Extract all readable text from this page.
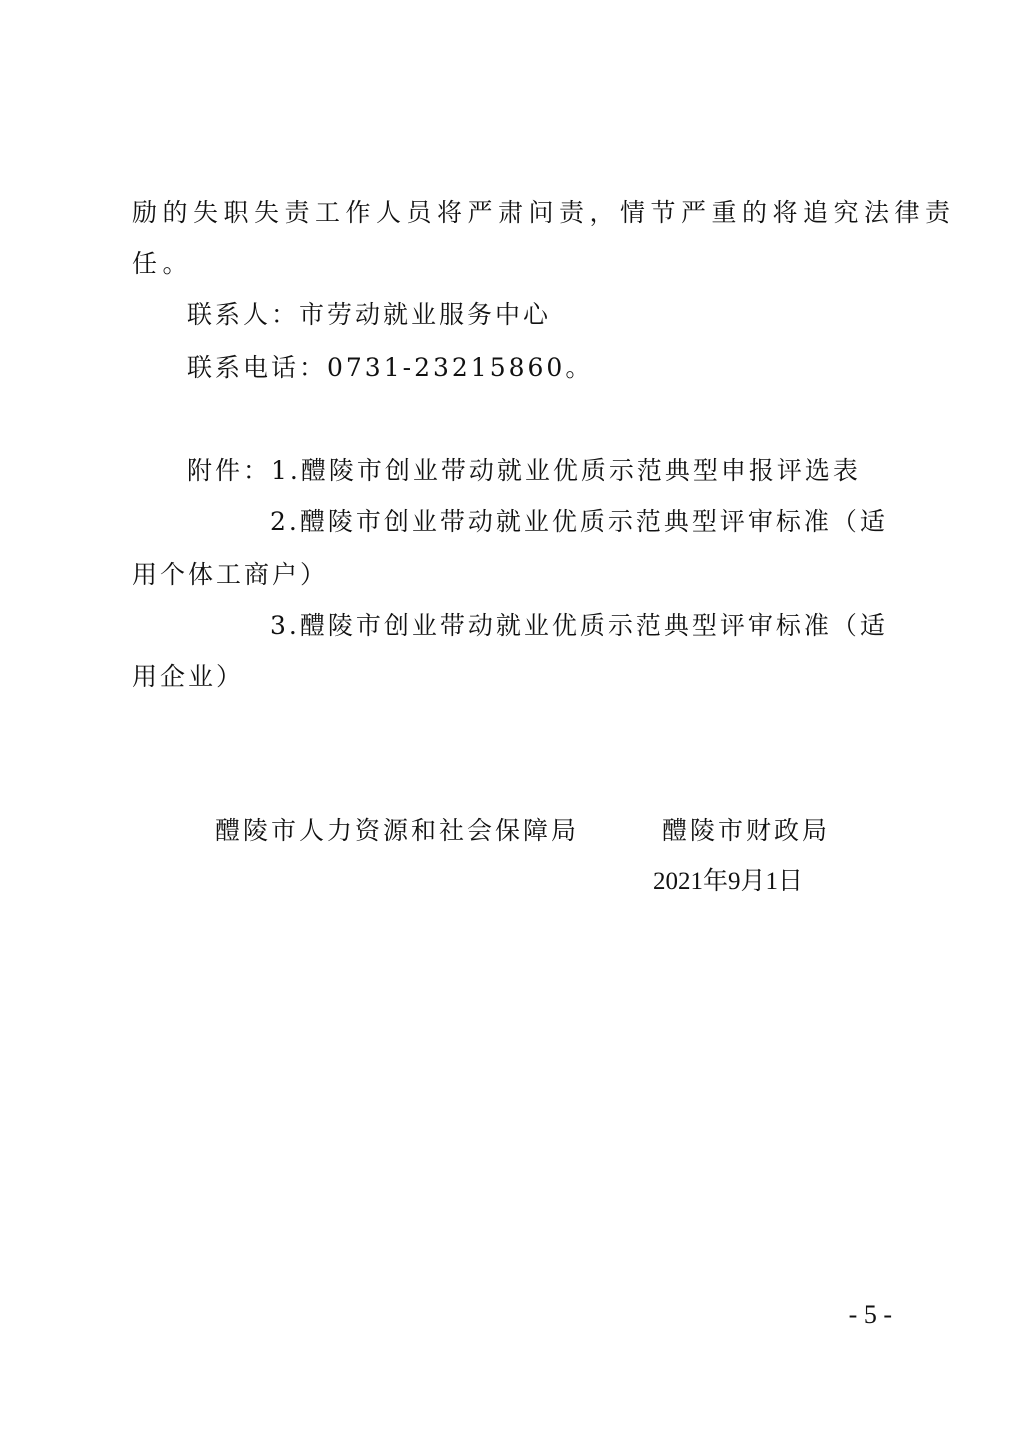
励的失职失责工作人员将严肃问责，情节严重的将追究法律责
任。
联系人：市劳动就业服务中心
联系电话：0731-23215860。
附件：1.醴陵市创业带动就业优质示范典型申报评选表
2.醴陵市创业带动就业优质示范典型评审标准（适
用个体工商户）
3.醴陵市创业带动就业优质示范典型评审标准（适
用企业）
醴陵市人力资源和社会保障局	醴陵市财政局
2021年9月1日
- 5 -
